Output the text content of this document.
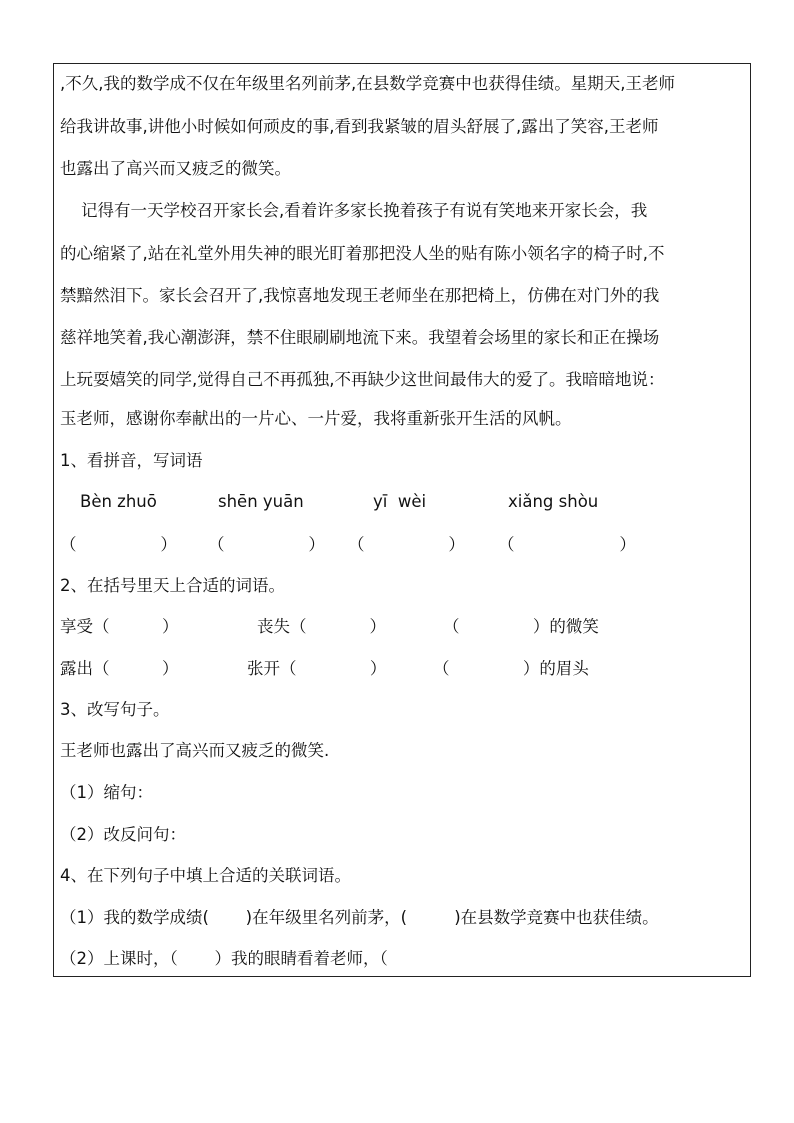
,不久,我的数学成不仅在年级里名列前茅,在县数学竞赛中也获得佳绩。星期天,王老师
给我讲故事,讲他小时候如何顽皮的事,看到我紧皱的眉头舒展了,露出了笑容,王老师
也露出了高兴而又疲乏的微笑。
记得有一天学校召开家长会,看着许多家长挽着孩子有说有笑地来开家长会，我
的心缩紧了,站在礼堂外用失神的眼光盯着那把没人坐的贴有陈小领名字的椅子时,不
禁黯然泪下。家长会召开了,我惊喜地发现王老师坐在那把椅上，仿佛在对门外的我
慈祥地笑着,我心潮澎湃，禁不住眼刷刷地流下来。我望着会场里的家长和正在操场
上玩耍嬉笑的同学,觉得自己不再孤独,不再缺少这世间最伟大的爱了。我暗暗地说：
玉老师，感谢你奉献出的一片心、一片爱，我将重新张开生活的风帆。
1、看拼音，写词语
Bèn zhuō	shēn yuān	yī  wèi	xiǎng shòu
（                ） （                ） （                ） （                    ）
2、在括号里天上合适的词语。
享受（          ）	丧失（            ）	（              ）的微笑
露出（          ）	张开（              ）	（              ）的眉头
3、改写句子。
王老师也露出了高兴而又疲乏的微笑.
（1）缩句：
（2）改反问句：
4、在下列句子中填上合适的关联词语。
（1）我的数学成绩(       )在年级里名列前茅，(         )在县数学竞赛中也获佳绩。
（2）上课时，（       ）我的眼睛看着老师，（
